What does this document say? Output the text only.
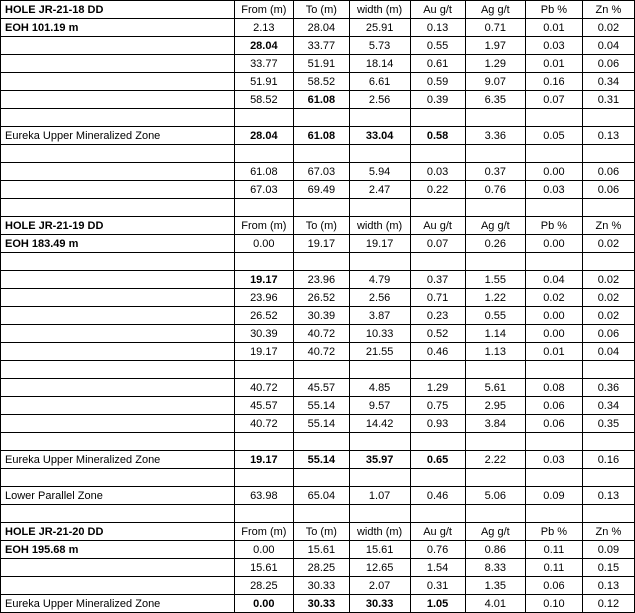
HOLE JR-21-18 DD	From (m)	To (m)	width (m)	Au g/t	Ag g/t	Pb %	Zn %
EOH 101.19 m	2.13	28.04	25.91	0.13	0.71	0.01	0.02
	28.04	33.77	5.73	0.55	1.97	0.03	0.04
	33.77	51.91	18.14	0.61	1.29	0.01	0.06
	51.91	58.52	6.61	0.59	9.07	0.16	0.34
	58.52	61.08	2.56	0.39	6.35	0.07	0.31

Eureka Upper Mineralized Zone	28.04	61.08	33.04	0.58	3.36	0.05	0.13

	61.08	67.03	5.94	0.03	0.37	0.00	0.06
	67.03	69.49	2.47	0.22	0.76	0.03	0.06

HOLE JR-21-19 DD	From (m)	To (m)	width (m)	Au g/t	Ag g/t	Pb %	Zn %
EOH 183.49 m	0.00	19.17	19.17	0.07	0.26	0.00	0.02

	19.17	23.96	4.79	0.37	1.55	0.04	0.02
	23.96	26.52	2.56	0.71	1.22	0.02	0.02
	26.52	30.39	3.87	0.23	0.55	0.00	0.02
	30.39	40.72	10.33	0.52	1.14	0.00	0.06
	19.17	40.72	21.55	0.46	1.13	0.01	0.04

	40.72	45.57	4.85	1.29	5.61	0.08	0.36
	45.57	55.14	9.57	0.75	2.95	0.06	0.34
	40.72	55.14	14.42	0.93	3.84	0.06	0.35

Eureka Upper Mineralized Zone	19.17	55.14	35.97	0.65	2.22	0.03	0.16

Lower Parallel Zone	63.98	65.04	1.07	0.46	5.06	0.09	0.13

HOLE JR-21-20 DD	From (m)	To (m)	width (m)	Au g/t	Ag g/t	Pb %	Zn %
EOH 195.68 m	0.00	15.61	15.61	0.76	0.86	0.11	0.09
	15.61	28.25	12.65	1.54	8.33	0.11	0.15
	28.25	30.33	2.07	0.31	1.35	0.06	0.13
Eureka Upper Mineralized Zone	0.00	30.33	30.33	1.05	4.01	0.10	0.12
